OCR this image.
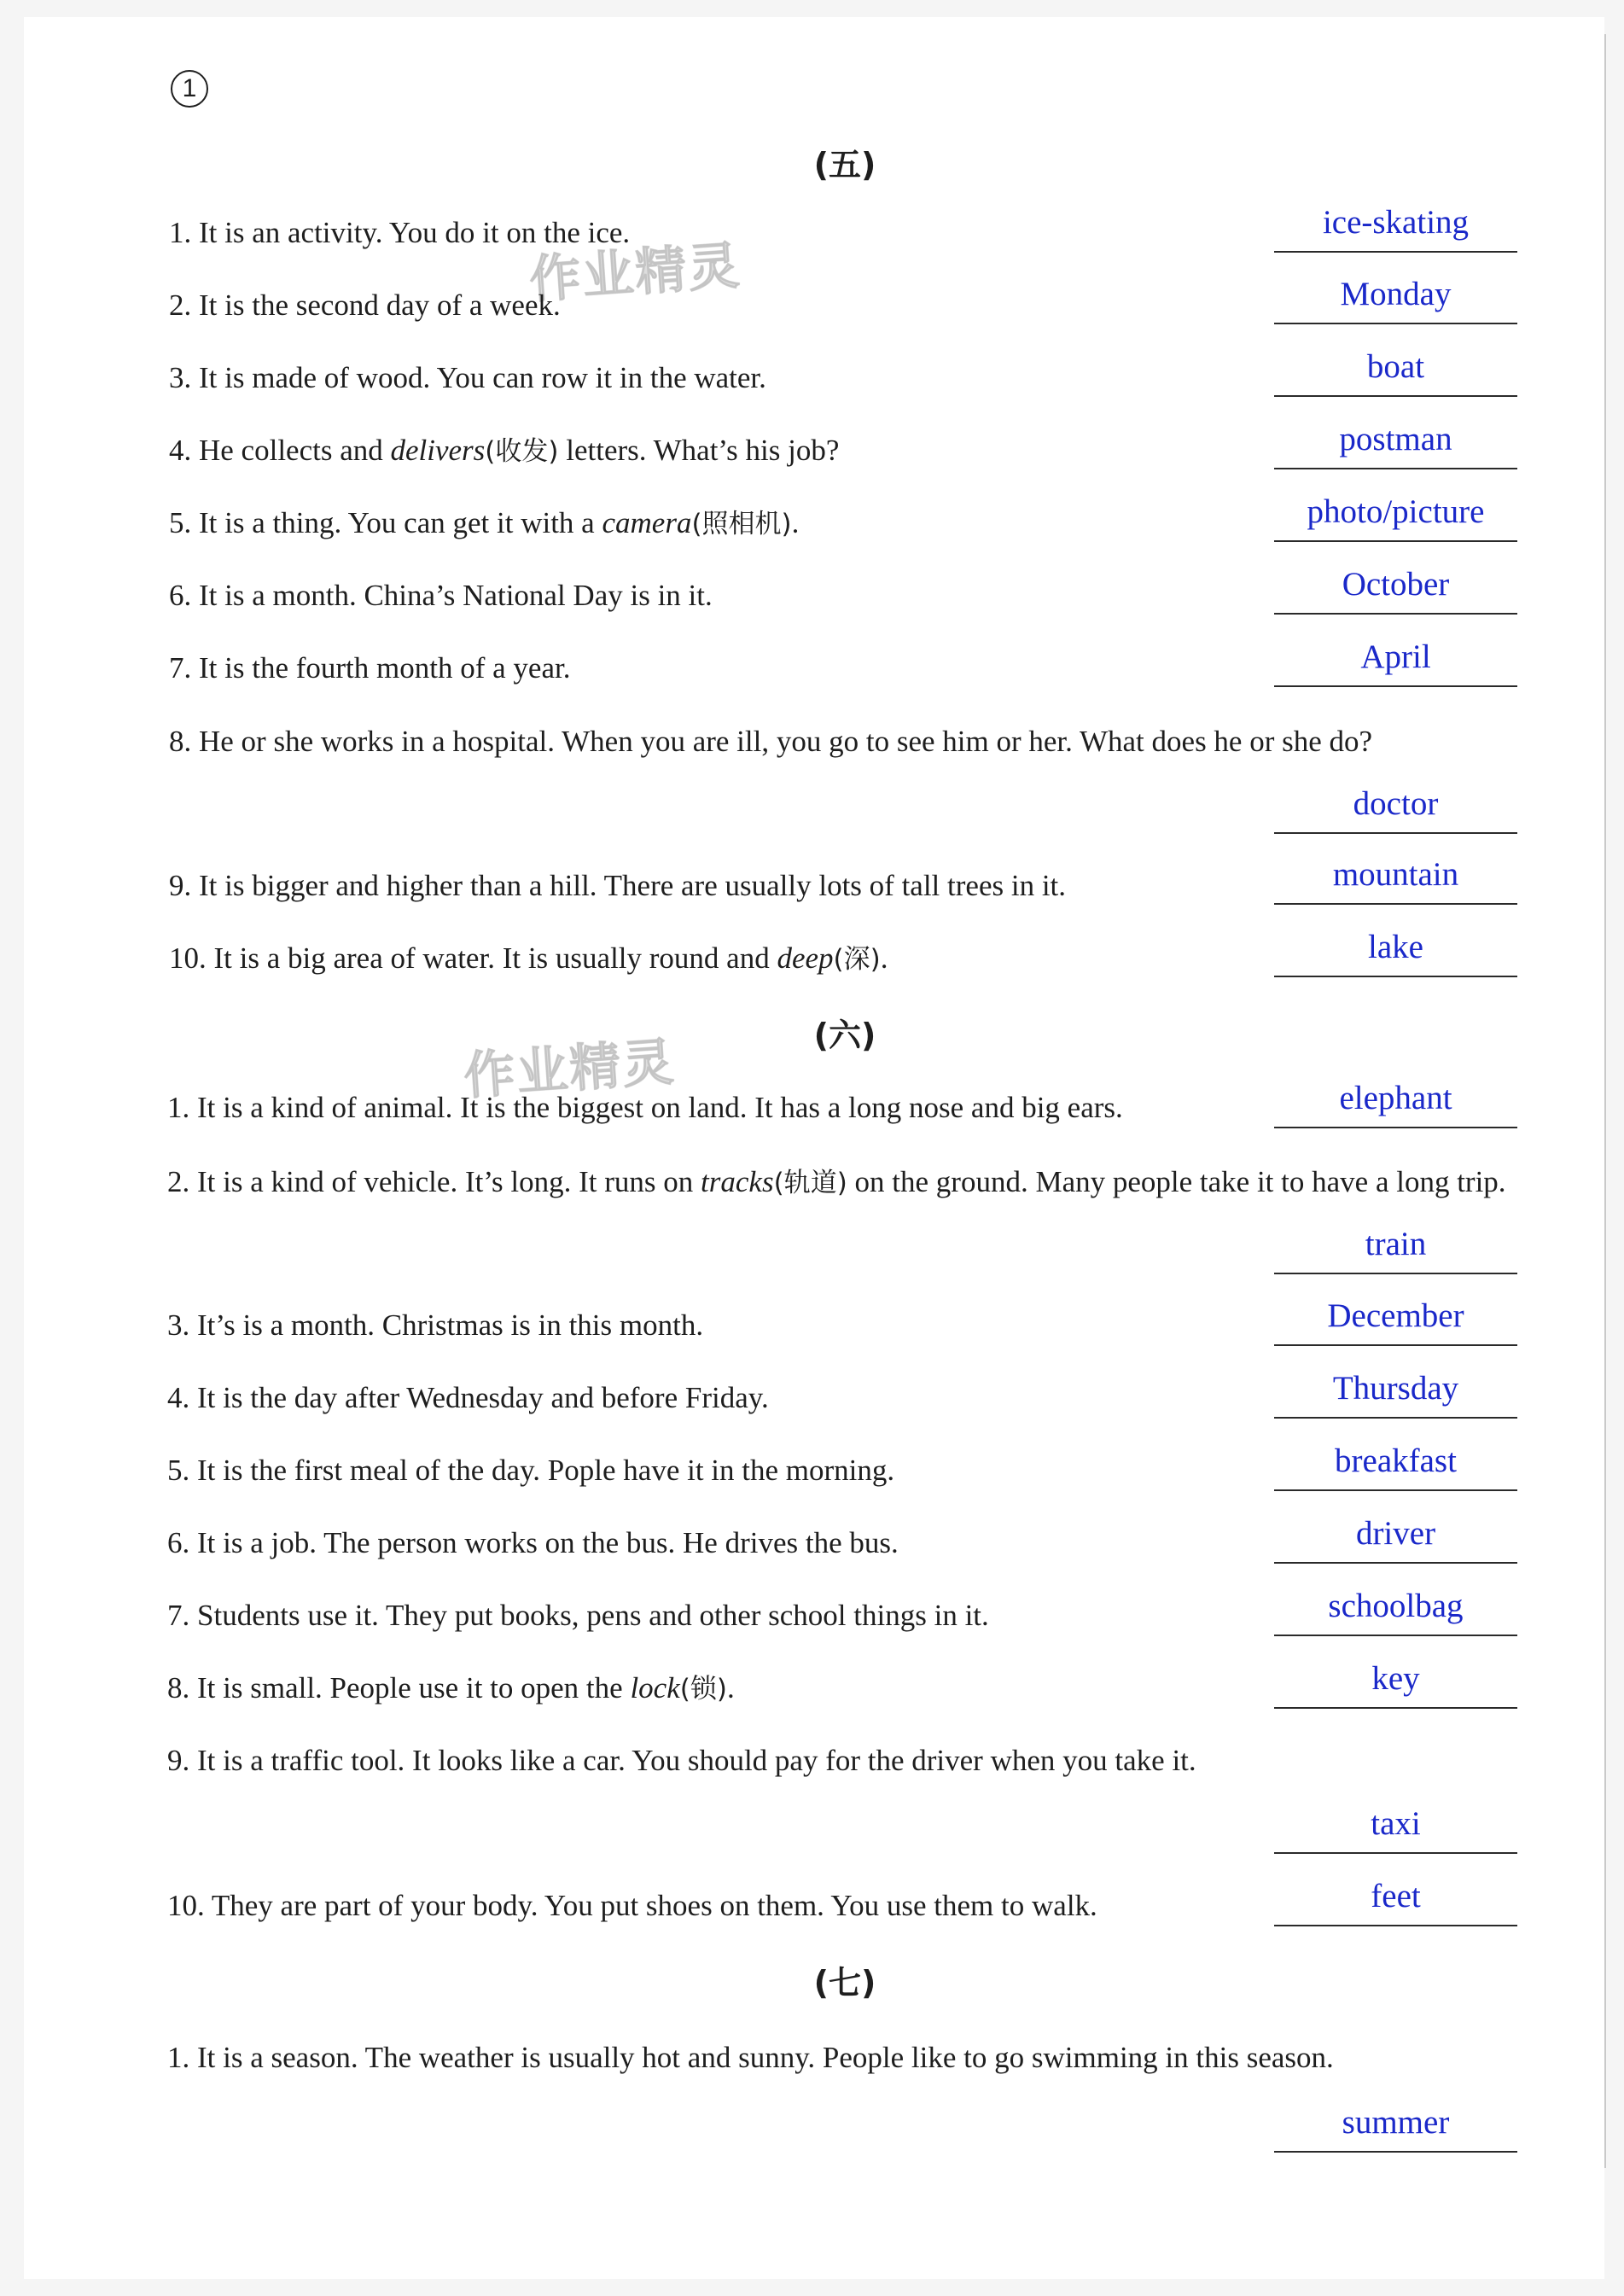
1
作业精灵
作业精灵
(五)
1. It is an activity. You do it on the ice.	ice-skating
2. It is the second day of a week.	Monday
3. It is made of wood. You can row it in the water.	boat
4. He collects and delivers(收发) letters. What’s his job?	postman
5. It is a thing. You can get it with a camera(照相机).	photo/picture
6. It is a month. China’s National Day is in it.	October
7. It is the fourth month of a year.	April
8. He or she works in a hospital. When you are ill, you go to see him or her. What does he or she do?
doctor
9. It is bigger and higher than a hill. There are usually lots of tall trees in it.	mountain
10. It is a big area of water. It is usually round and deep(深).	lake
(六)
1. It is a kind of animal. It is the biggest on land. It has a long nose and big ears.	elephant
2. It is a kind of vehicle. It’s long. It runs on tracks(轨道) on the ground. Many people take it to have a long trip.
train
3. It’s is a month. Christmas is in this month.	December
4. It is the day after Wednesday and before Friday.	Thursday
5. It is the first meal of the day. Pople have it in the morning.	breakfast
6. It is a job. The person works on the bus. He drives the bus.	driver
7. Students use it. They put books, pens and other school things in it.	schoolbag
8. It is small. People use it to open the lock(锁).	key
9. It is a traffic tool. It looks like a car. You should pay for the driver when you take it.
taxi
10. They are part of your body. You put shoes on them. You use them to walk.	feet
(七)
1. It is a season. The weather is usually hot and sunny. People like to go swimming in this season.
summer
